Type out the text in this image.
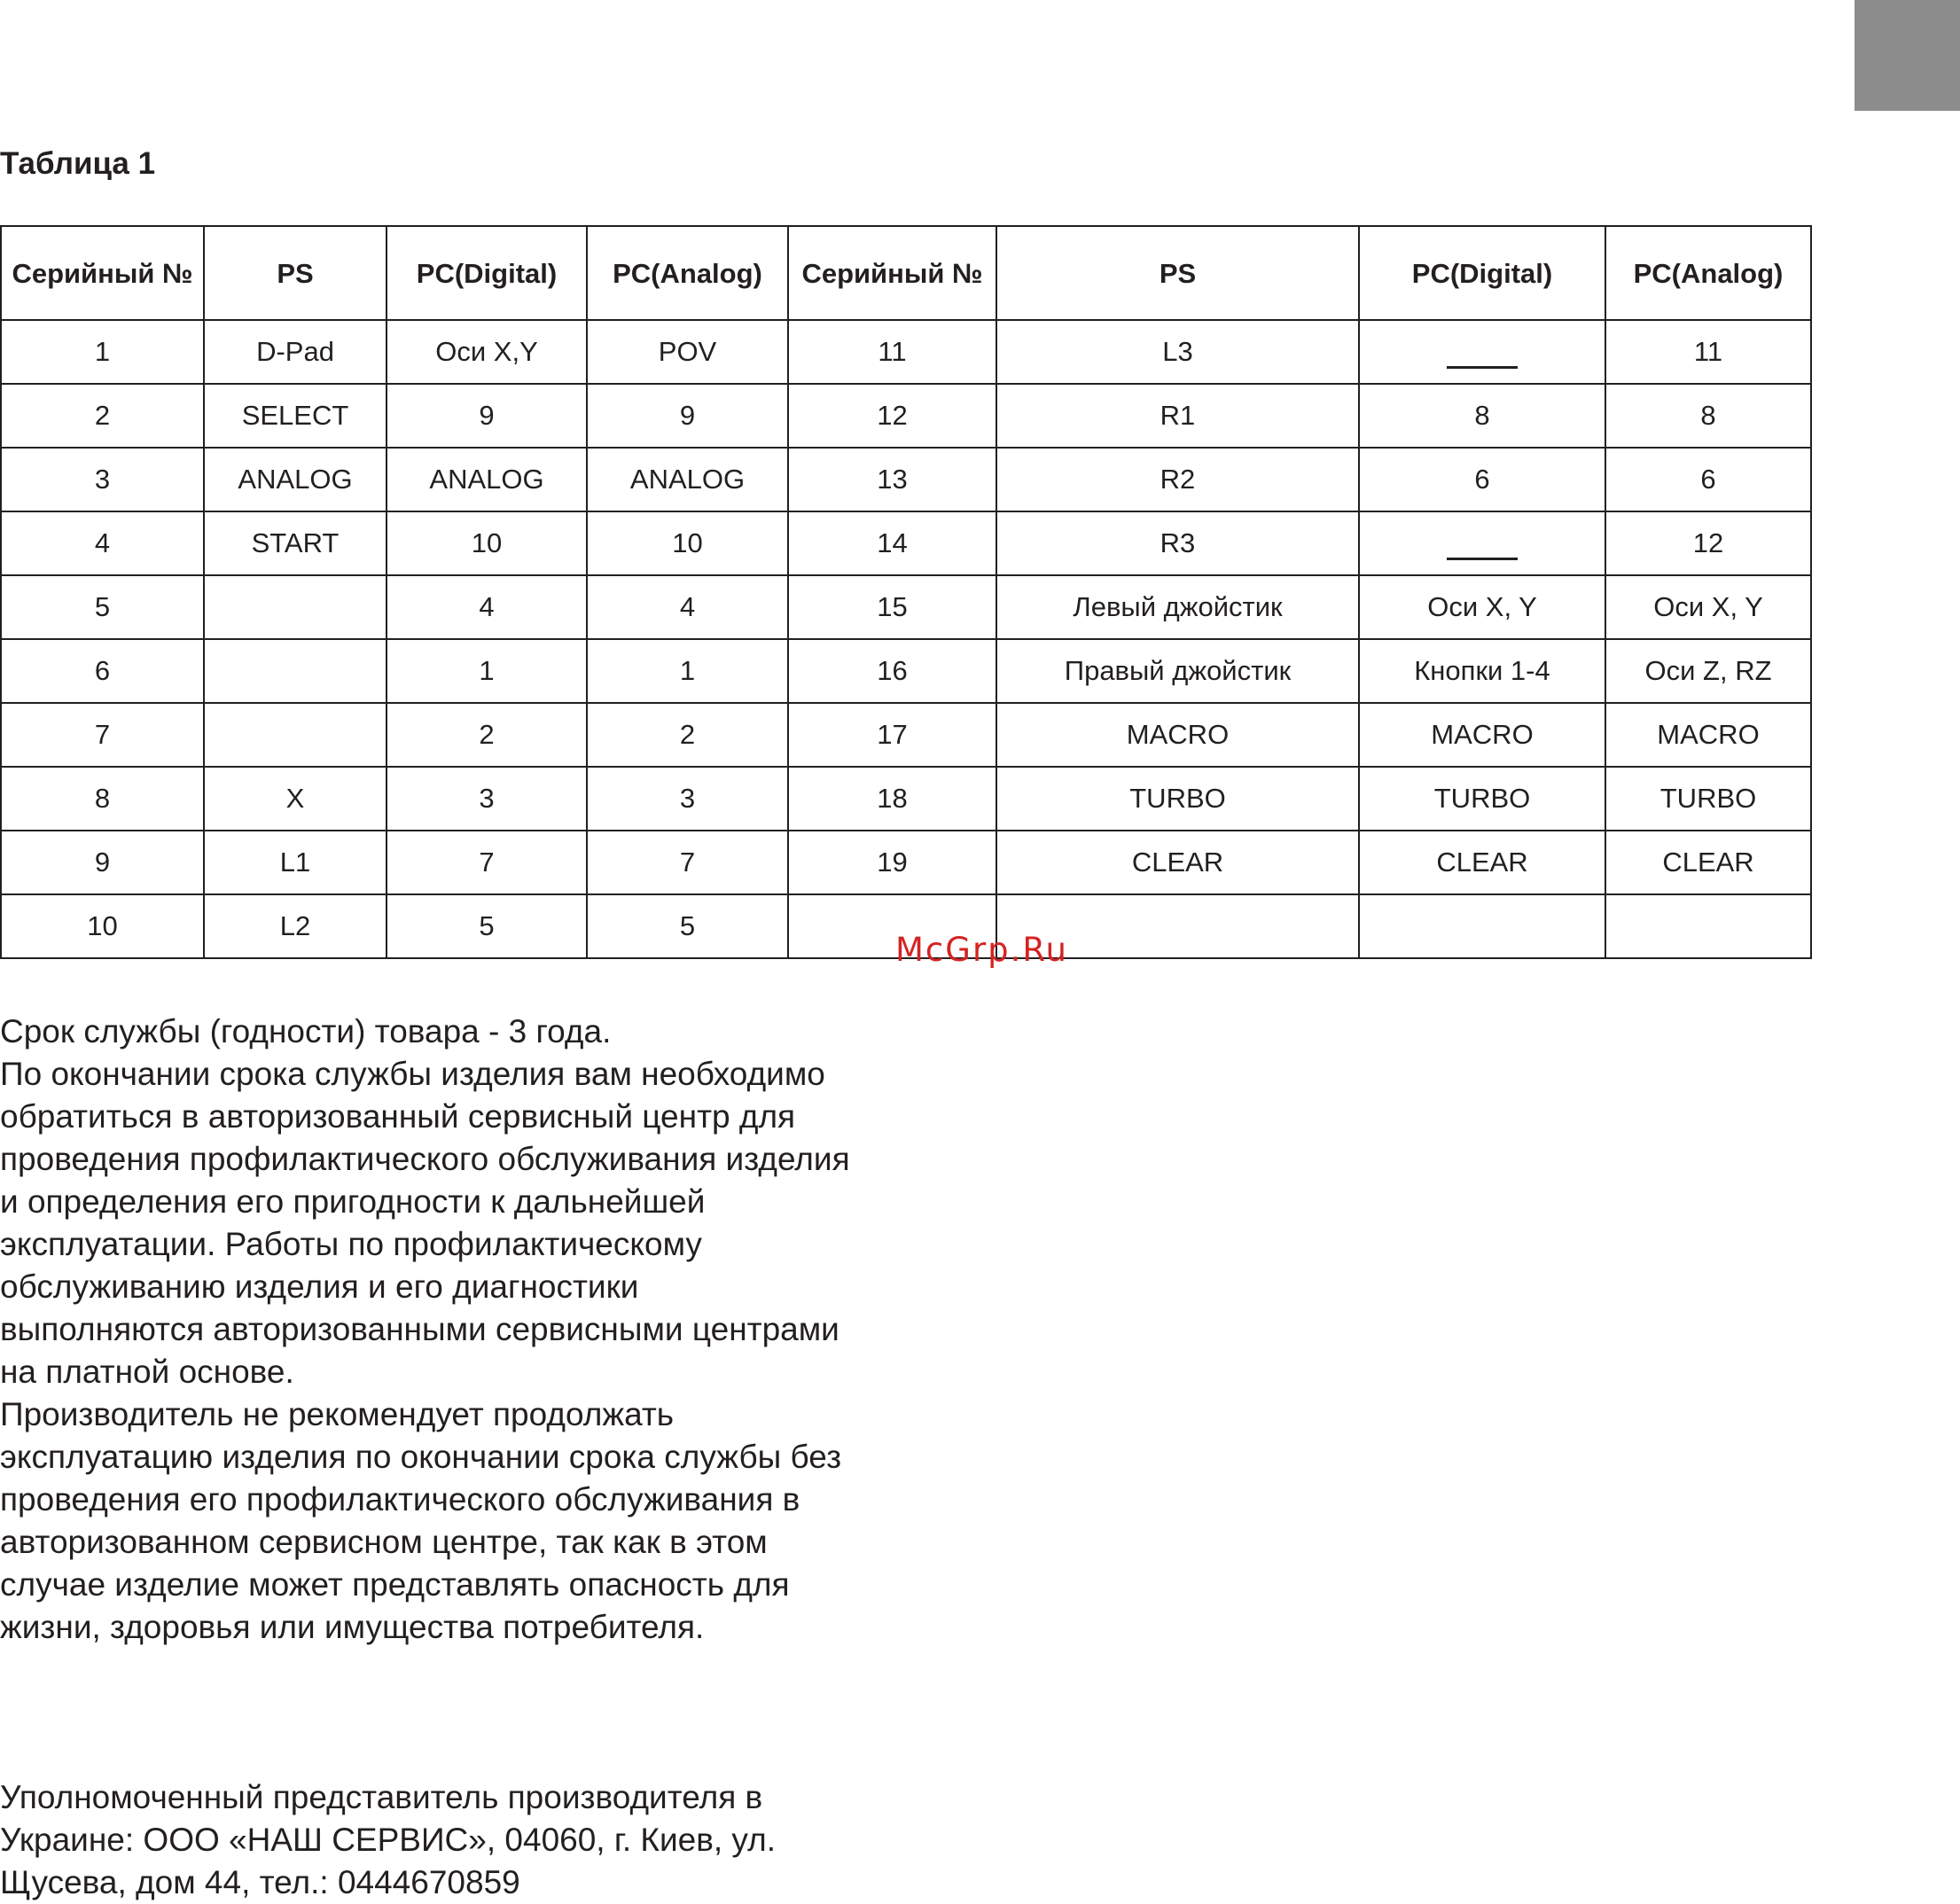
Таблица 1
Серийный №	PS	PC(Digital)	PC(Analog)	Серийный №	PS	PC(Digital)	PC(Analog)
1	D-Pad	Оси X,Y	POV	11	L3		11
2	SELECT	9	9	12	R1	8	8
3	ANALOG	ANALOG	ANALOG	13	R2	6	6
4	START	10	10	14	R3		12
5		4	4	15	Левый джойстик	Оси X, Y	Оси X, Y
6		1	1	16	Правый джойстик	Кнопки 1-4	Оси Z, RZ
7		2	2	17	MACRO	MACRO	MACRO
8	X	3	3	18	TURBO	TURBO	TURBO
9	L1	7	7	19	CLEAR	CLEAR	CLEAR
10	L2	5	5				
McGrp.Ru

Срок службы (годности) товара - 3 года.

По окончании срока службы изделия вам необходимо обратиться в авторизованный сервисный центр для проведения профилактического обслуживания изделия и определения его пригодности к дальнейшей эксплуатации. Работы по профилактическому обслуживанию изделия и его диагностики выполняются авторизованными сервисными центрами на платной основе.

Производитель не рекомендует продолжать эксплуатацию изделия по окончании срока службы без проведения его профилактического обслуживания в авторизованном сервисном центре, так как в этом случае изделие может представлять опасность для жизни, здоровья или имущества потребителя.

Уполномоченный представитель производителя в Украине: ООО «НАШ СЕРВИС», 04060, г. Киев, ул. Щусева, дом 44, тел.: 0444670859
